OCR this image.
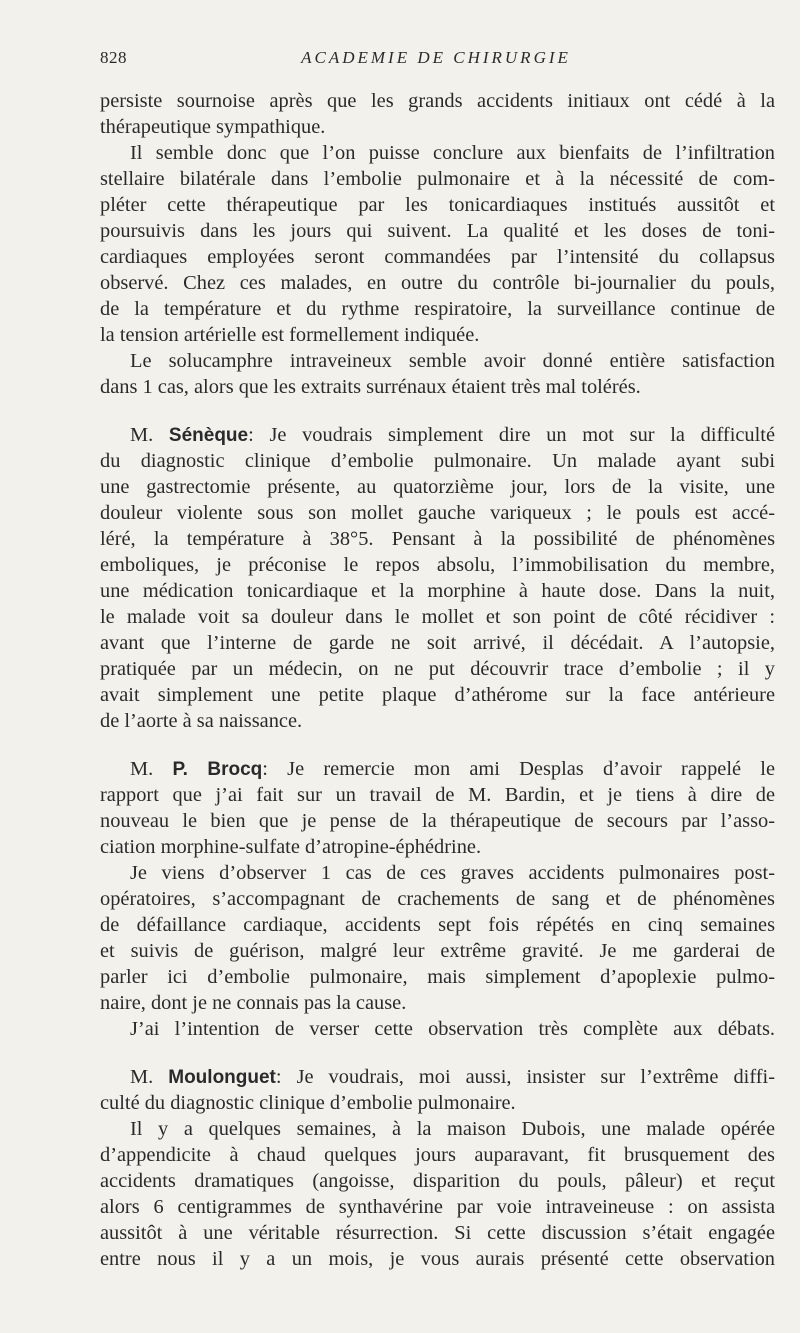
828	ACADEMIE DE CHIRURGIE
persiste sournoise après que les grands accidents initiaux ont cédé à la
thérapeutique sympathique.
Il semble donc que l’on puisse conclure aux bienfaits de l’infiltration
stellaire bilatérale dans l’embolie pulmonaire et à la nécessité de com-
pléter cette thérapeutique par les tonicardiaques institués aussitôt et
poursuivis dans les jours qui suivent. La qualité et les doses de toni-
cardiaques employées seront commandées par l’intensité du collapsus
observé. Chez ces malades, en outre du contrôle bi-journalier du pouls,
de la température et du rythme respiratoire, la surveillance continue de
la tension artérielle est formellement indiquée.
Le solucamphre intraveineux semble avoir donné entière satisfaction
dans 1 cas, alors que les extraits surrénaux étaient très mal tolérés.
M. Sénèque: Je voudrais simplement dire un mot sur la difficulté
du diagnostic clinique d’embolie pulmonaire. Un malade ayant subi
une gastrectomie présente, au quatorzième jour, lors de la visite, une
douleur violente sous son mollet gauche variqueux ; le pouls est accé-
léré, la température à 38°5. Pensant à la possibilité de phénomènes
emboliques, je préconise le repos absolu, l’immobilisation du membre,
une médication tonicardiaque et la morphine à haute dose. Dans la nuit,
le malade voit sa douleur dans le mollet et son point de côté récidiver :
avant que l’interne de garde ne soit arrivé, il décédait. A l’autopsie,
pratiquée par un médecin, on ne put découvrir trace d’embolie ; il y
avait simplement une petite plaque d’athérome sur la face antérieure
de l’aorte à sa naissance.
M. P. Brocq: Je remercie mon ami Desplas d’avoir rappelé le
rapport que j’ai fait sur un travail de M. Bardin, et je tiens à dire de
nouveau le bien que je pense de la thérapeutique de secours par l’asso-
ciation morphine-sulfate d’atropine-éphédrine.
Je viens d’observer 1 cas de ces graves accidents pulmonaires post-
opératoires, s’accompagnant de crachements de sang et de phénomènes
de défaillance cardiaque, accidents sept fois répétés en cinq semaines
et suivis de guérison, malgré leur extrême gravité. Je me garderai de
parler ici d’embolie pulmonaire, mais simplement d’apoplexie pulmo-
naire, dont je ne connais pas la cause.
J’ai l’intention de verser cette observation très complète aux débats.
M. Moulonguet: Je voudrais, moi aussi, insister sur l’extrême diffi-
culté du diagnostic clinique d’embolie pulmonaire.
Il y a quelques semaines, à la maison Dubois, une malade opérée
d’appendicite à chaud quelques jours auparavant, fit brusquement des
accidents dramatiques (angoisse, disparition du pouls, pâleur) et reçut
alors 6 centigrammes de synthavérine par voie intraveineuse : on assista
aussitôt à une véritable résurrection. Si cette discussion s’était engagée
entre nous il y a un mois, je vous aurais présenté cette observation
